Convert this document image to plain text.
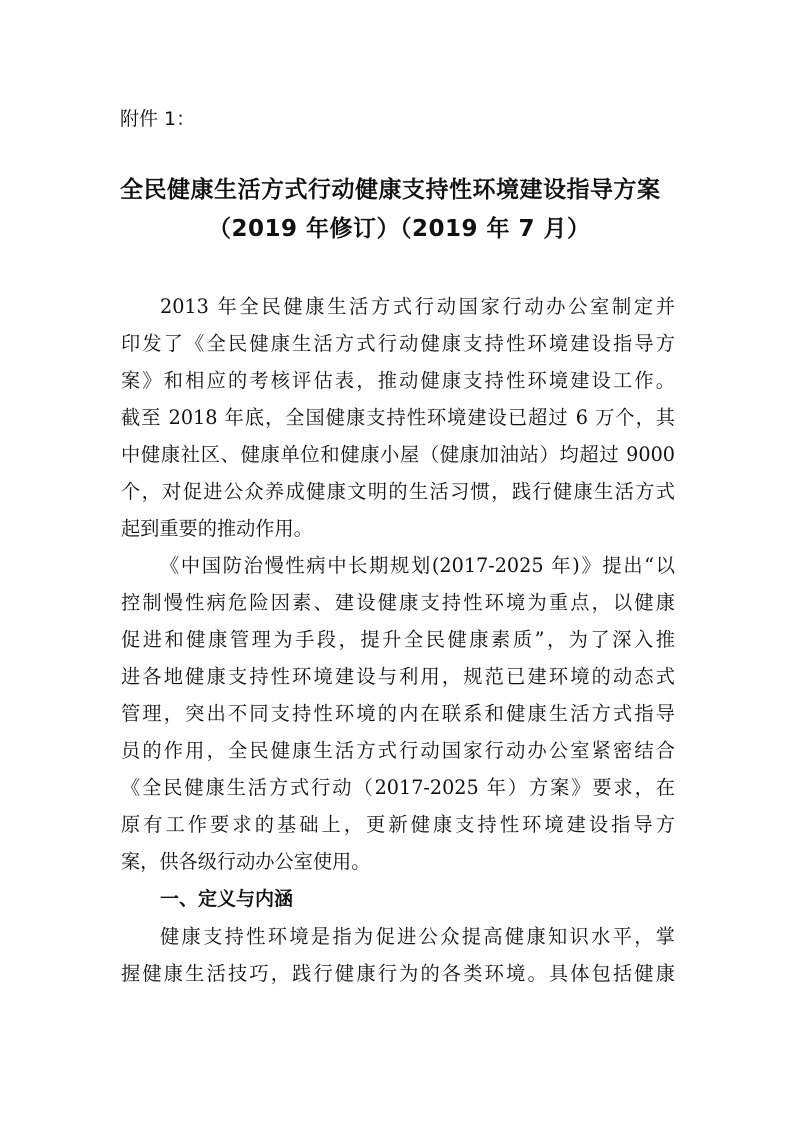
附件 1：
全民健康生活方式行动健康支持性环境建设指导方案
（2019 年修订）（2019 年 7 月）
2013 年全民健康生活方式行动国家行动办公室制定并
印发了《全民健康生活方式行动健康支持性环境建设指导方
案》和相应的考核评估表，推动健康支持性环境建设工作。
截至 2018 年底，全国健康支持性环境建设已超过 6 万个，其
中健康社区、健康单位和健康小屋（健康加油站）均超过 9000
个，对促进公众养成健康文明的生活习惯，践行健康生活方式
起到重要的推动作用。
《中国防治慢性病中长期规划(2017-2025 年)》提出“以
控制慢性病危险因素、建设健康支持性环境为重点，以健康
促进和健康管理为手段，提升全民健康素质”，为了深入推
进各地健康支持性环境建设与利用，规范已建环境的动态式
管理，突出不同支持性环境的内在联系和健康生活方式指导
员的作用，全民健康生活方式行动国家行动办公室紧密结合
《全民健康生活方式行动（2017-2025 年）方案》要求，在
原有工作要求的基础上，更新健康支持性环境建设指导方
案，供各级行动办公室使用。
一、定义与内涵
健康支持性环境是指为促进公众提高健康知识水平，掌
握健康生活技巧，践行健康行为的各类环境。具体包括健康
